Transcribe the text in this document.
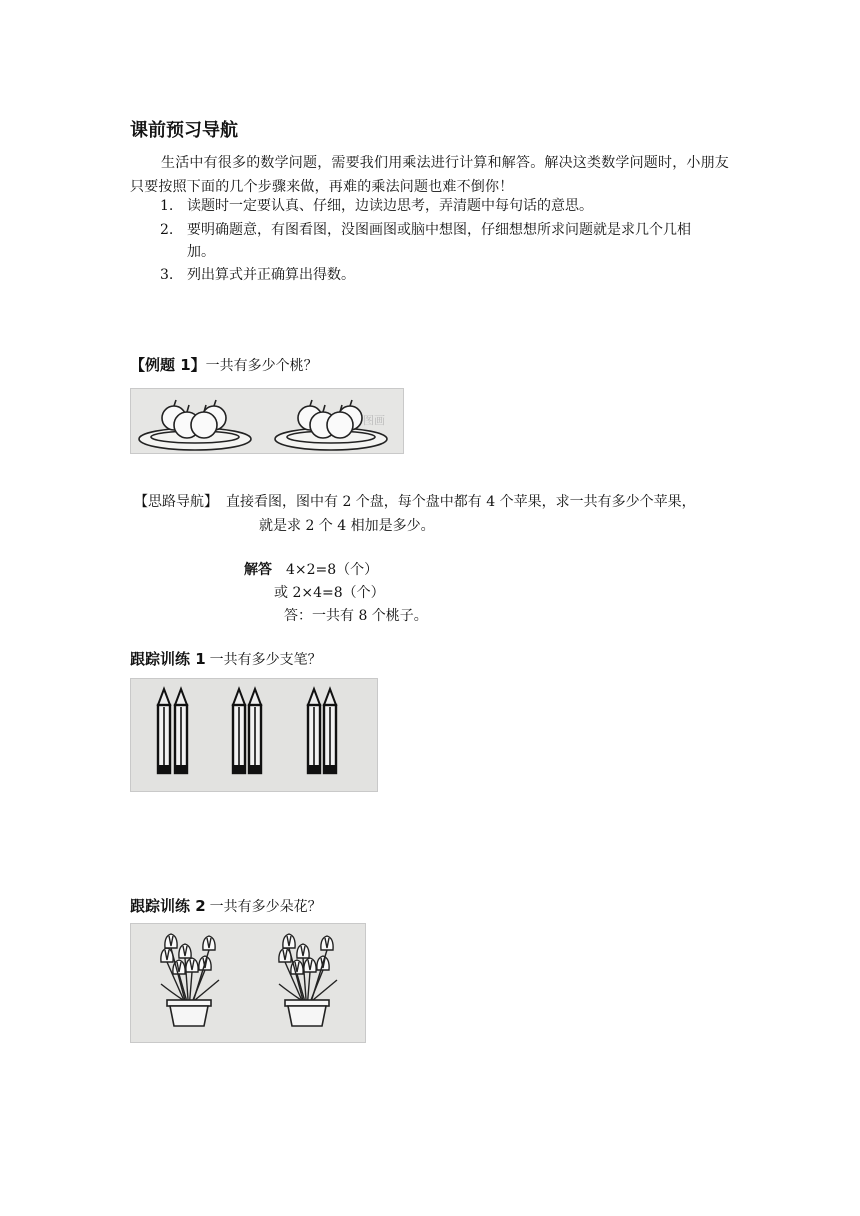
课前预习导航
生活中有很多的数学问题，需要我们用乘法进行计算和解答。解决这类数学问题时，小朋友只要按照下面的几个步骤来做，再难的乘法问题也难不倒你！
1. 读题时一定要认真、仔细，边读边思考，弄清题中每句话的意思。
2. 要明确题意，有图看图，没图画图或脑中想图，仔细想想所求问题就是求几个几相
加。
3. 列出算式并正确算出得数。
【例题 1】一共有多少个桃？
图画
【思路导航】 直接看图，图中有 2 个盘，每个盘中都有 4 个苹果，求一共有多少个苹果，
就是求 2 个 4 相加是多少。
解答 4×2=8（个）
或 2×4=8（个）
答：一共有 8 个桃子。
跟踪训练 1 一共有多少支笔？
跟踪训练 2 一共有多少朵花？
